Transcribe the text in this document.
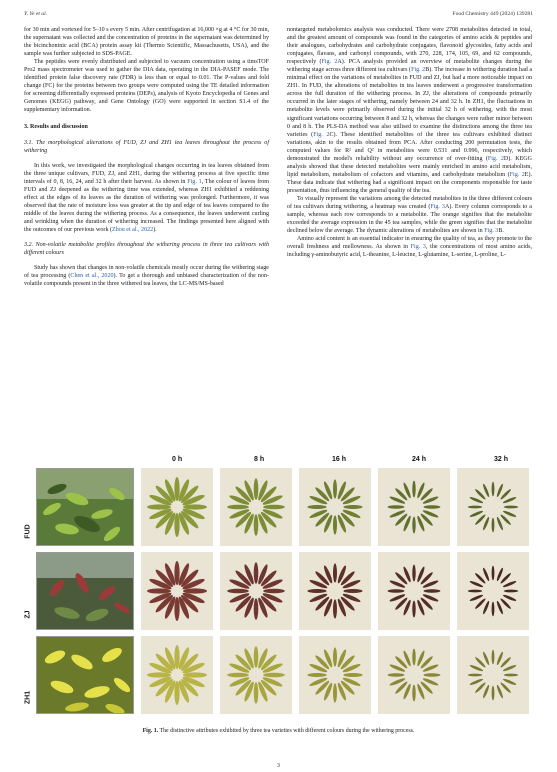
Y. Ye et al.	Food Chemistry 449 (2024) 139281

for 30 min and vortexed for 5–10 s every 5 min. After centrifugation at 16,000 ×g at 4 °C for 30 min, the supernatant was collected and the concentration of proteins in the supernatant was determined by the bicinchoninic acid (BCA) protein assay kit (Thermo Scientific, Massachusetts, USA), and the sample was further subjected to SDS-PAGE.

The peptides were evenly distributed and subjected to vacuum concentration using a timsTOF Pro2 mass spectrometer was used to gather the DIA data, operating in the DIA-PASEF mode. The identified protein false discovery rate (FDR) is less than or equal to 0.01. The P-values and fold change (FC) for the proteins between two groups were computed using the TE detailed information for screening differentially expressed proteins (DEPs), analysis of Kyoto Encyclopedia of Genes and Genomes (KEGG) pathway, and Gene Ontology (GO) were supported in section S1.4 of the supplementary information.

3. Results and discussion
3.1. The morphological alterations of FUD, ZJ and ZH1 tea leaves throughout the process of withering

In this work, we investigated the morphological changes occurring in tea leaves obtained from the three unique cultivars, FUD, ZJ, and ZH1, during the withering process at five specific time intervals of 0, 8, 16, 24, and 32 h after their harvest. As shown in Fig. 1, The colour of leaves from FUD and ZJ deepened as the withering time was extended, whereas ZH1 exhibited a reddening effect at the edges of its leaves as the duration of withering was prolonged. Furthermore, it was observed that the rate of moisture loss was greater at the tip and edge of tea leaves compared to the middle of the leaves during the withering process. As a consequence, the leaves underwent curling and wrinkling when the duration of withering increased. The findings presented here aligned with the outcomes of our previous work (Zhou et al., 2022).

3.2. Non-volatile metabolite profiles throughout the withering process in three tea cultivars with different colours

Study has shown that changes in non-volatile chemicals mostly occur during the withering stage of tea processing (Chen et al., 2020). To get a thorough and unbiased characterization of the non-volatile compounds present in the three withered tea leaves, the LC-MS/MS-based

nontargeted metabolomics analysis was conducted. There were 2708 metabolites detected in total, and the greatest amount of compounds was found in the categories of amino acids & peptides and their analogues, carbohydrates and carbohydrate conjugates, flavonoid glycosides, fatty acids and conjugates, flavans, and carbonyl compounds, with 270, 228, 174, 105, 69, and 62 compounds, respectively (Fig. 2A). PCA analysis provided an overview of metabolite changes during the withering stage across three different tea cultivars (Fig. 2B). The increase in withering duration had a minimal effect on the variations of metabolites in FUD and ZJ, but had a more noticeable impact on ZH1. In FUD, the alterations of metabolites in tea leaves underwent a progressive transformation across the full duration of the withering process. In ZJ, the alterations of compounds primarily occurred in the later stages of withering, namely between 24 and 32 h. In ZH1, the fluctuations in metabolite levels were primarily observed during the initial 32 h of withering, with the most significant variations occurring between 8 and 32 h, whereas the changes were rather minor between 0 and 8 h. The PLS-DA method was also utilised to examine the distinctions among the three tea varieties (Fig. 2C). These identified metabolites of the three tea cultivars exhibited distinct variations, akin to the results obtained from PCA. After conducting 200 permutation tests, the computed values for R² and Q² in metabolites were 0.531 and 0.996, respectively, which demonstrated the model's reliability without any occurrence of over-fitting (Fig. 2D). KEGG analysis showed that these detected metabolites were mainly enriched in amino acid metabolism, lipid metabolism, metabolism of cofactors and vitamins, and carbohydrate metabolism (Fig. 2E). These data indicate that withering had a significant impact on the components responsible for taste presentation, thus influencing the general quality of the tea.

To visually represent the variations among the detected metabolites in the three different colours of tea cultivars during withering, a heatmap was created (Fig. 3A). Every column corresponds to a sample, whereas each row corresponds to a metabolite. The orange signifies that the metabolite exceeded the average expression in the 45 tea samples, while the green signifies that the metabolite declined below the average. The dynamic alterations of metabolites are shown in Fig. 3B.

Amino acid content is an essential indicator in ensuring the quality of tea, as they promote to the overall freshness and mellowness. As shown in Fig. 3, the concentrations of most amino acids, including γ-aminobutyric acid, L-theanine, L-leucine, L-glutamine, L-serine, L-proline, L-

0 h	8 h	16 h	24 h	32 h
FUD
ZJ
ZH1
Fig. 1. The distinctive attributes exhibited by three tea varieties with different colours during the withering process.
3
